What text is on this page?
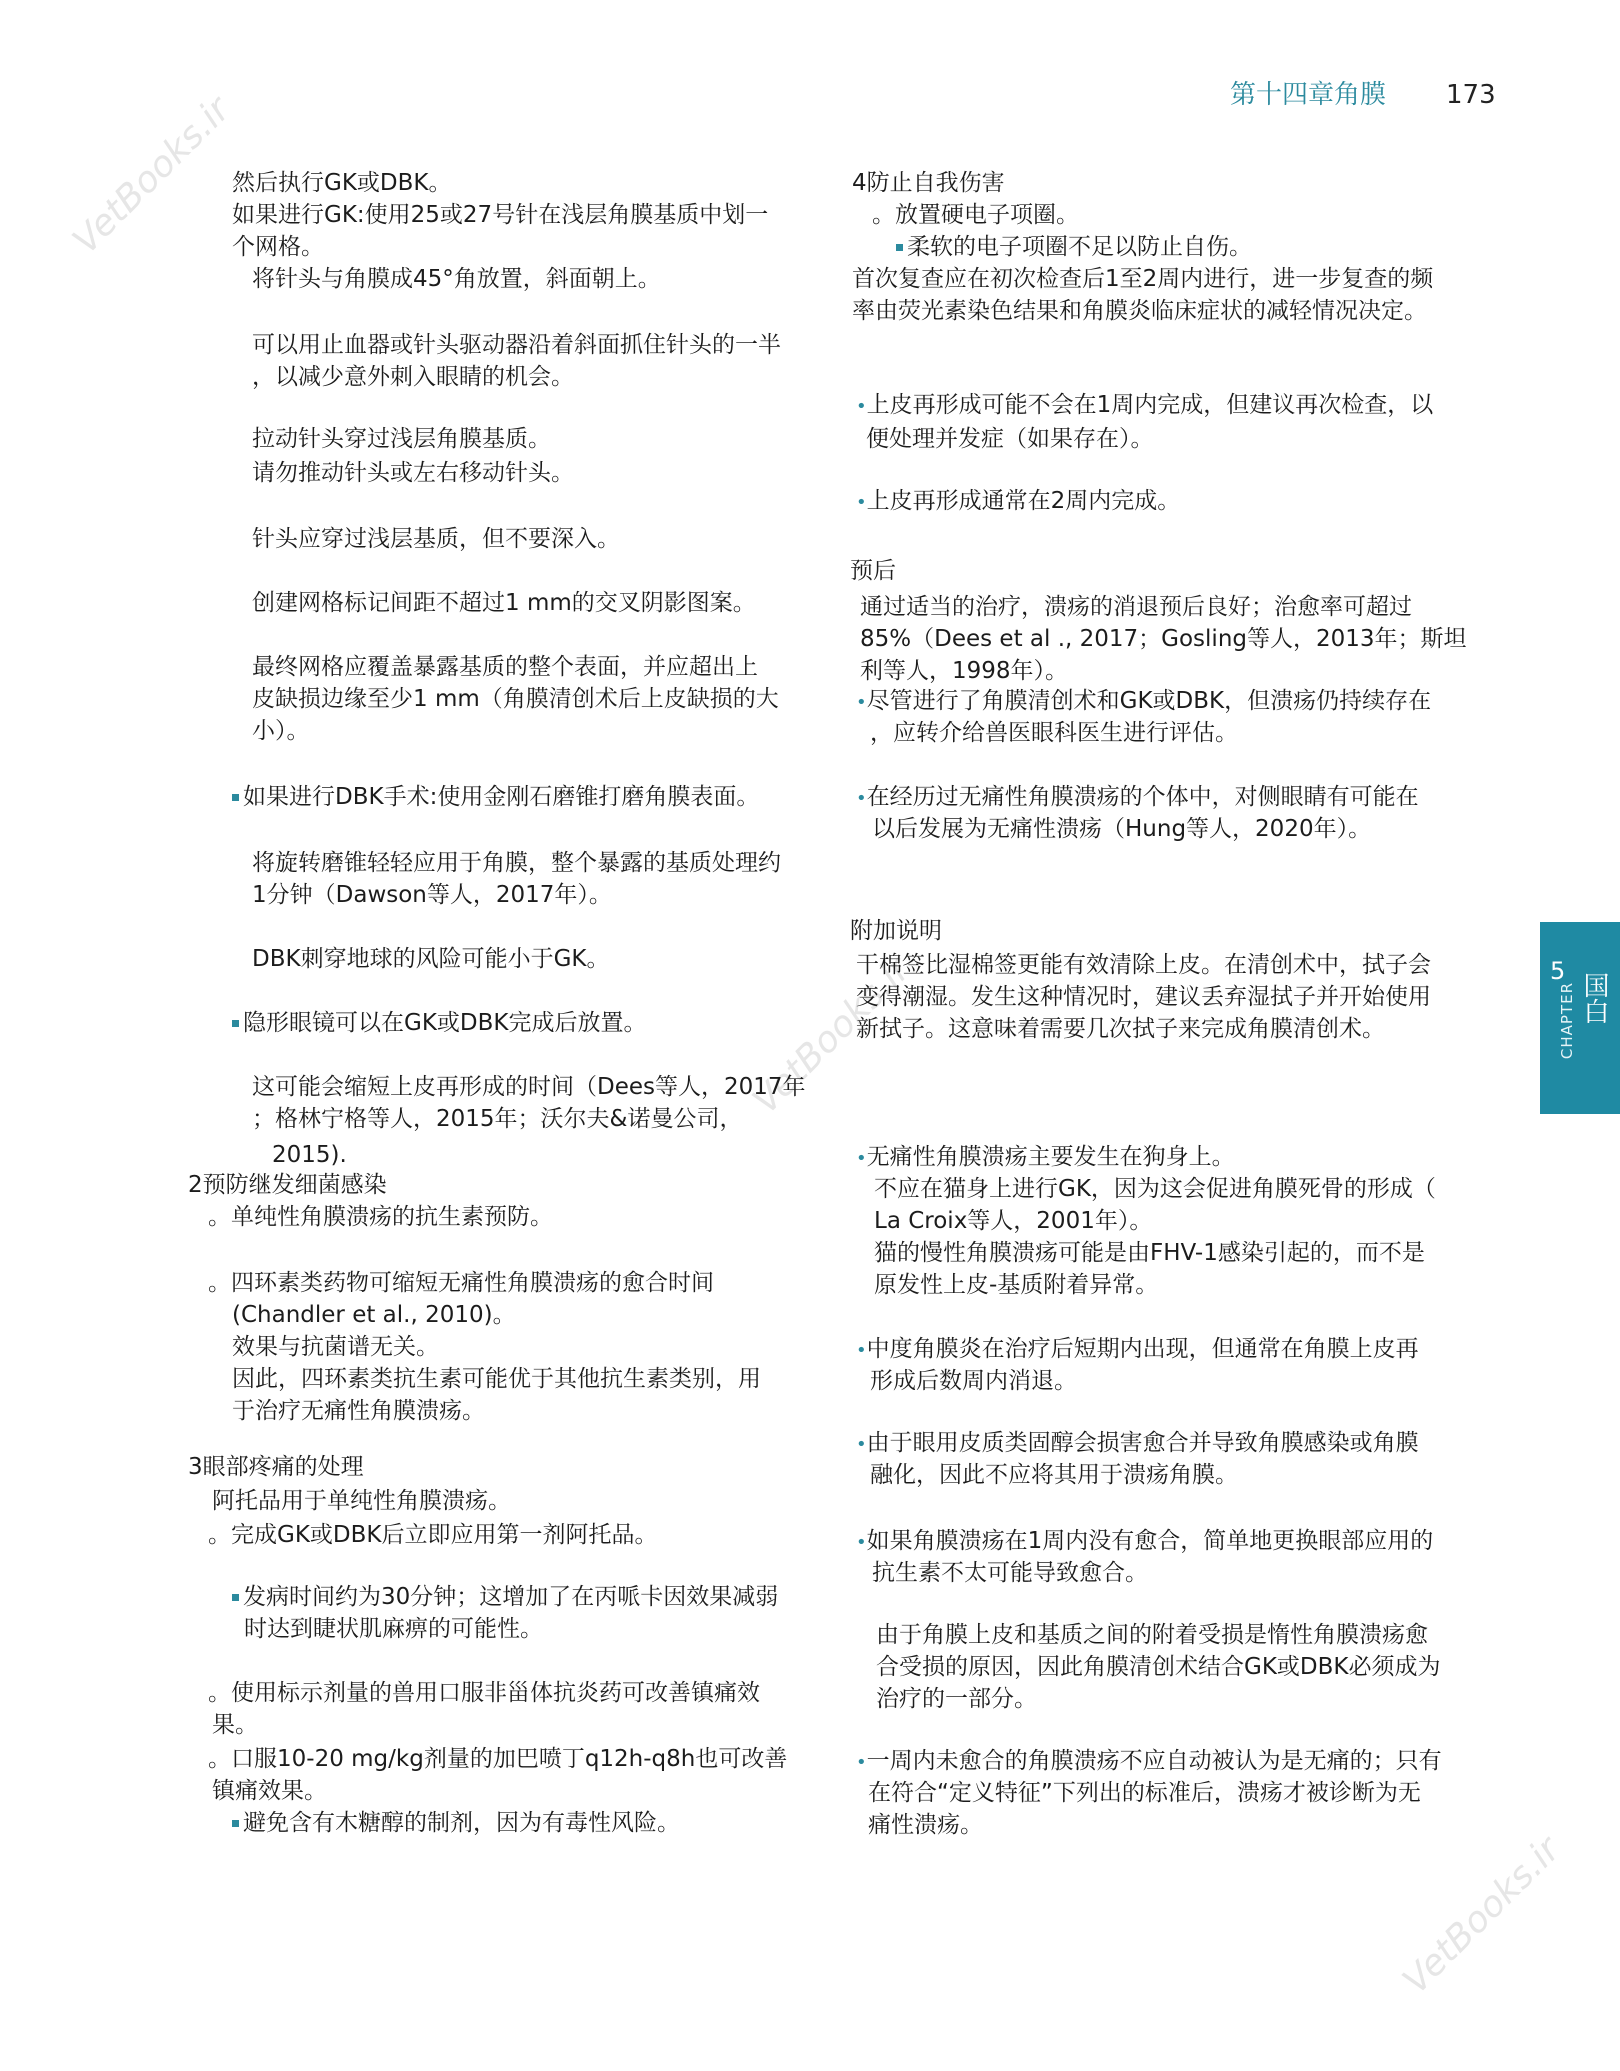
VetBooks.ir
VetBooks.ir
VetBooks.ir
第十四章角膜 173
5
CHAPTER 国白
然后执行GK或DBK。
如果进行GK:使用25或27号针在浅层角膜基质中划一
个网格。
将针头与角膜成45°角放置，斜面朝上。
可以用止血器或针头驱动器沿着斜面抓住针头的一半
，以减少意外刺入眼睛的机会。
拉动针头穿过浅层角膜基质。
请勿推动针头或左右移动针头。
针头应穿过浅层基质，但不要深入。
创建网格标记间距不超过1 mm的交叉阴影图案。
最终网格应覆盖暴露基质的整个表面，并应超出上
皮缺损边缘至少1 mm（角膜清创术后上皮缺损的大
小）。
如果进行DBK手术:使用金刚石磨锥打磨角膜表面。
将旋转磨锥轻轻应用于角膜，整个暴露的基质处理约
1分钟（Dawson等人，2017年）。
DBK刺穿地球的风险可能小于GK。
隐形眼镜可以在GK或DBK完成后放置。
这可能会缩短上皮再形成的时间（Dees等人，2017年
；格林宁格等人，2015年；沃尔夫&诺曼公司，
2015).
2预防继发细菌感染
。单纯性角膜溃疡的抗生素预防。
。四环素类药物可缩短无痛性角膜溃疡的愈合时间
(Chandler et al., 2010)。
效果与抗菌谱无关。
因此，四环素类抗生素可能优于其他抗生素类别，用
于治疗无痛性角膜溃疡。
3眼部疼痛的处理
阿托品用于单纯性角膜溃疡。
。完成GK或DBK后立即应用第一剂阿托品。
发病时间约为30分钟；这增加了在丙哌卡因效果减弱
时达到睫状肌麻痹的可能性。
。使用标示剂量的兽用口服非甾体抗炎药可改善镇痛效
果。
。口服10-20 mg/kg剂量的加巴喷丁q12h-q8h也可改善
镇痛效果。
避免含有木糖醇的制剂，因为有毒性风险。
4防止自我伤害
。放置硬电子项圈。
柔软的电子项圈不足以防止自伤。
首次复查应在初次检查后1至2周内进行，进一步复查的频
率由荧光素染色结果和角膜炎临床症状的减轻情况决定。
•上皮再形成可能不会在1周内完成，但建议再次检查，以
便处理并发症（如果存在）。
•上皮再形成通常在2周内完成。
预后
通过适当的治疗，溃疡的消退预后良好；治愈率可超过
85%（Dees et al ., 2017；Gosling等人，2013年；斯坦
利等人，1998年）。
•尽管进行了角膜清创术和GK或DBK，但溃疡仍持续存在
，应转介给兽医眼科医生进行评估。
•在经历过无痛性角膜溃疡的个体中，对侧眼睛有可能在
以后发展为无痛性溃疡（Hung等人，2020年）。
附加说明
干棉签比湿棉签更能有效清除上皮。在清创术中，拭子会
变得潮湿。发生这种情况时，建议丢弃湿拭子并开始使用
新拭子。这意味着需要几次拭子来完成角膜清创术。
•无痛性角膜溃疡主要发生在狗身上。
不应在猫身上进行GK，因为这会促进角膜死骨的形成（
La Croix等人，2001年）。
猫的慢性角膜溃疡可能是由FHV-1感染引起的，而不是
原发性上皮-基质附着异常。
•中度角膜炎在治疗后短期内出现，但通常在角膜上皮再
形成后数周内消退。
•由于眼用皮质类固醇会损害愈合并导致角膜感染或角膜
融化，因此不应将其用于溃疡角膜。
•如果角膜溃疡在1周内没有愈合，简单地更换眼部应用的
抗生素不太可能导致愈合。
由于角膜上皮和基质之间的附着受损是惰性角膜溃疡愈
合受损的原因，因此角膜清创术结合GK或DBK必须成为
治疗的一部分。
•一周内未愈合的角膜溃疡不应自动被认为是无痛的；只有
在符合“定义特征”下列出的标准后，溃疡才被诊断为无
痛性溃疡。
